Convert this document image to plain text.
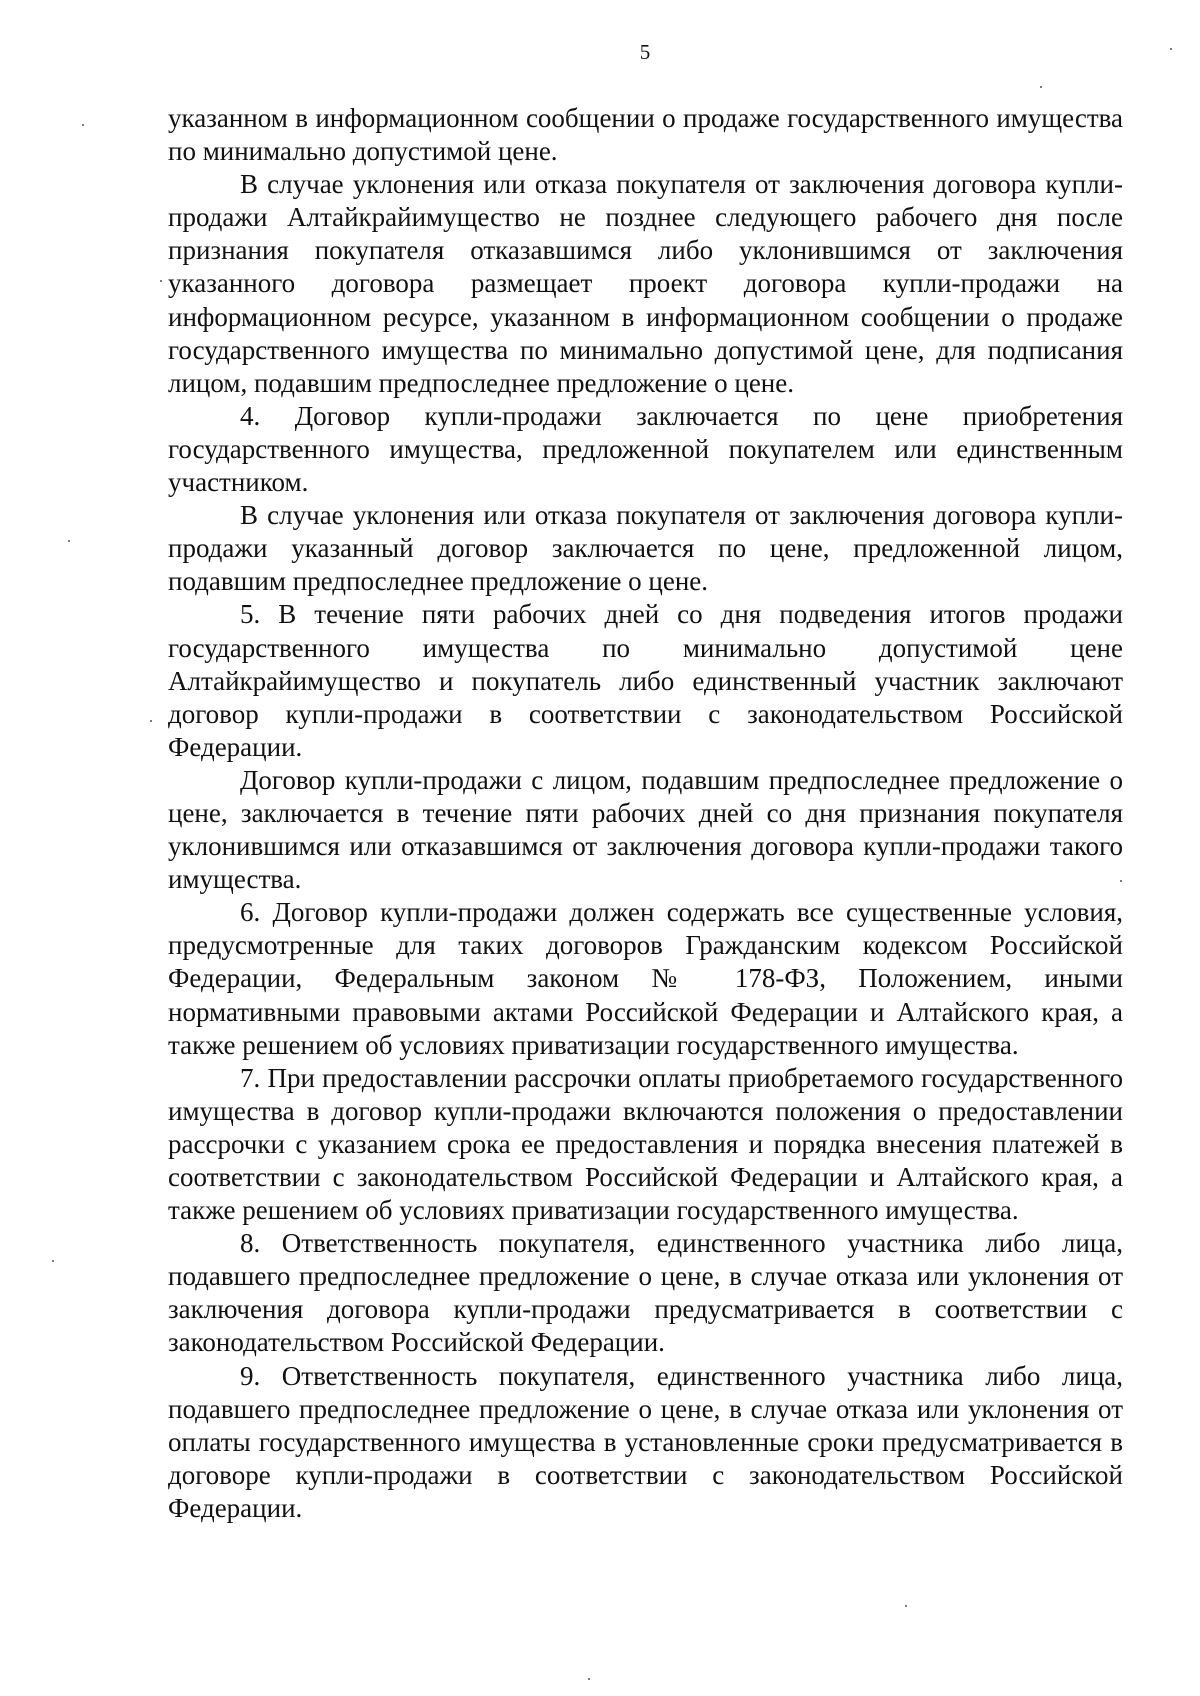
5

указанном в информационном сообщении о продаже государственного имущества по минимально допустимой цене.

В случае уклонения или отказа покупателя от заключения договора купли-продажи Алтайкрайимущество не позднее следующего рабочего дня после признания покупателя отказавшимся либо уклонившимся от заключения указанного договора размещает проект договора купли-продажи на информационном ресурсе, указанном в информационном сообщении о продаже государственного имущества по минимально допустимой цене, для подписания лицом, подавшим предпоследнее предложение о цене.

4. Договор купли-продажи заключается по цене приобретения государственного имущества, предложенной покупателем или единственным участником.

В случае уклонения или отказа покупателя от заключения договора купли-продажи указанный договор заключается по цене, предложенной лицом, подавшим предпоследнее предложение о цене.

5. В течение пяти рабочих дней со дня подведения итогов продажи государственного имущества по минимально допустимой цене Алтайкрайимущество и покупатель либо единственный участник заключают договор купли-продажи в соответствии с законодательством Российской Федерации.

Договор купли-продажи с лицом, подавшим предпоследнее предложение о цене, заключается в течение пяти рабочих дней со дня признания покупателя уклонившимся или отказавшимся от заключения договора купли-продажи такого имущества.

6. Договор купли-продажи должен содержать все существенные условия, предусмотренные для таких договоров Гражданским кодексом Российской Федерации, Федеральным законом № 178-ФЗ, Положением, иными нормативными правовыми актами Российской Федерации и Алтайского края, а также решением об условиях приватизации государственного имущества.

7. При предоставлении рассрочки оплаты приобретаемого государственного имущества в договор купли-продажи включаются положения о предоставлении рассрочки с указанием срока ее предоставления и порядка внесения платежей в соответствии с законодательством Российской Федерации и Алтайского края, а также решением об условиях приватизации государственного имущества.

8. Ответственность покупателя, единственного участника либо лица, подавшего предпоследнее предложение о цене, в случае отказа или уклонения от заключения договора купли-продажи предусматривается в соответствии с законодательством Российской Федерации.

9. Ответственность покупателя, единственного участника либо лица, подавшего предпоследнее предложение о цене, в случае отказа или уклонения от оплаты государственного имущества в установленные сроки предусматривается в договоре купли-продажи в соответствии с законодательством Российской Федерации.
